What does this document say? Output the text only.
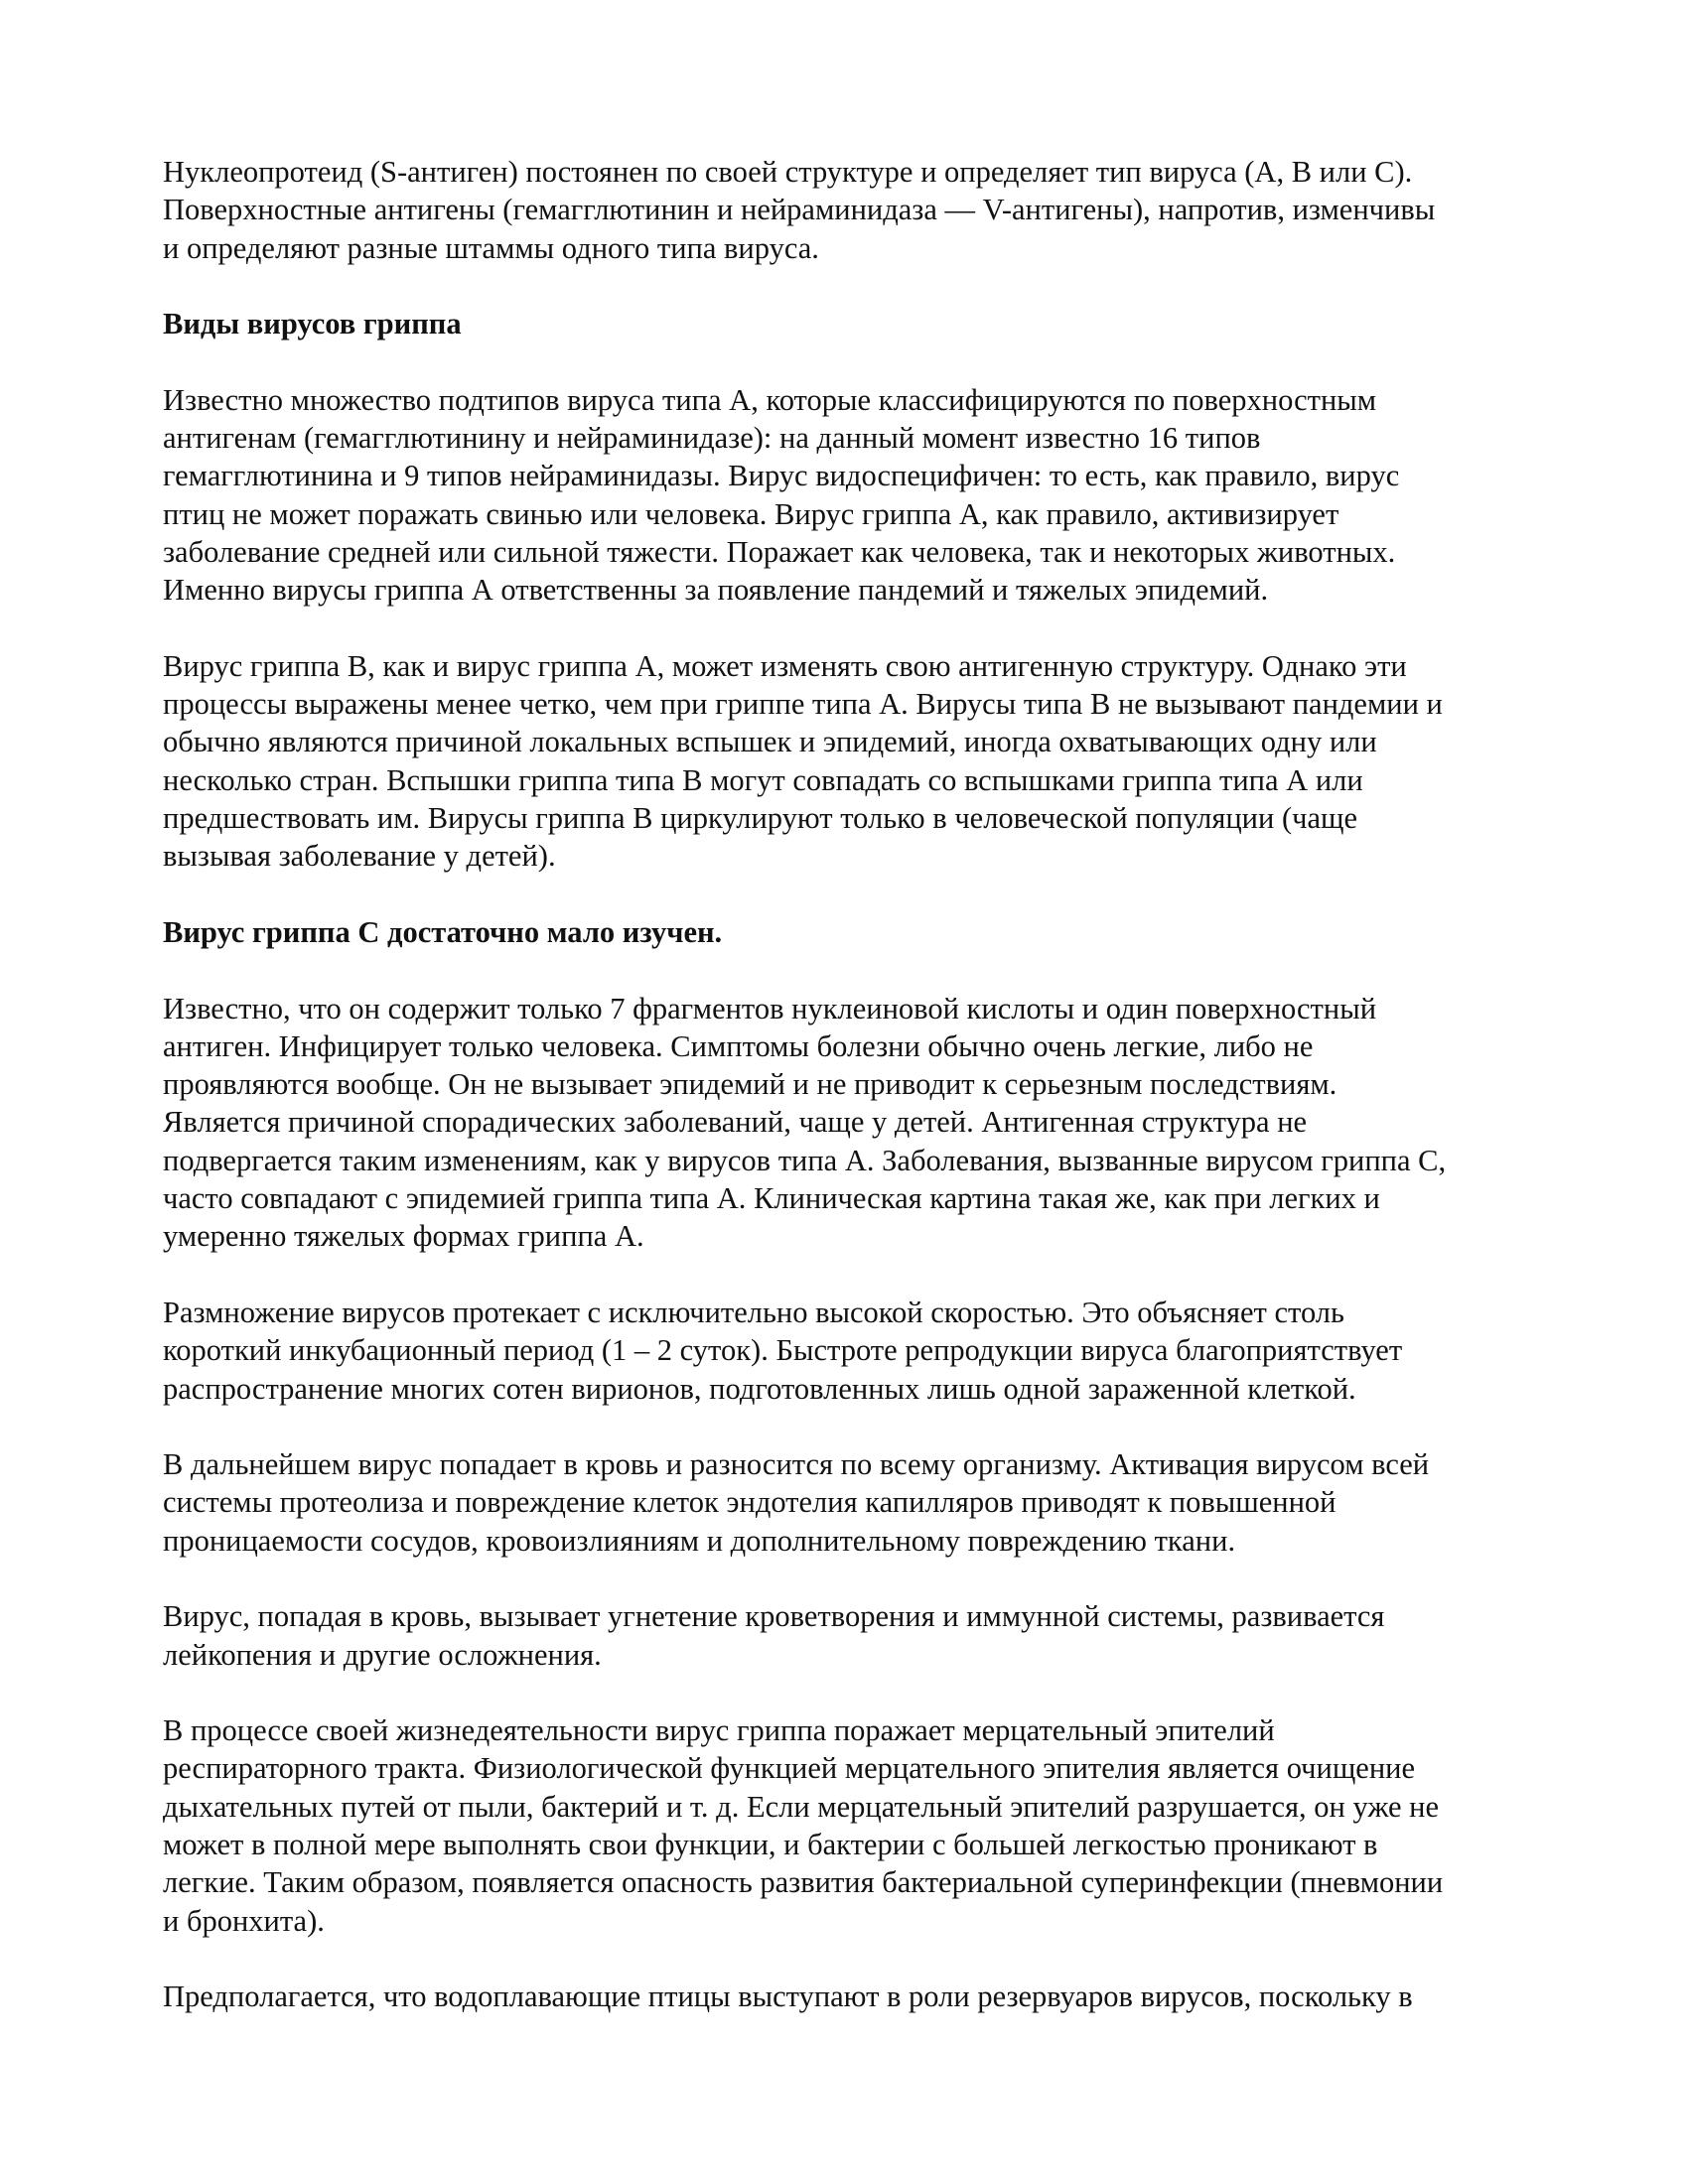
Нуклеопротеид (S-антиген) постоянен по своей структуре и определяет тип вируса (A, B или C).
Поверхностные антигены (гемагглютинин и нейраминидаза — V-антигены), напротив, изменчивы
и определяют разные штаммы одного типа вируса.

Виды вирусов гриппа

Известно множество подтипов вируса типа А, которые классифицируются по поверхностным
антигенам (гемагглютинину и нейраминидазе): на данный момент известно 16 типов
гемагглютинина и 9 типов нейраминидазы. Вирус видоспецифичен: то есть, как правило, вирус
птиц не может поражать свинью или человека. Вирус гриппа А, как правило, активизирует
заболевание средней или сильной тяжести. Поражает как человека, так и некоторых животных.
Именно вирусы гриппа А ответственны за появление пандемий и тяжелых эпидемий.

Вирус гриппа В, как и вирус гриппа А, может изменять свою антигенную структуру. Однако эти
процессы выражены менее четко, чем при гриппе типа А. Вирусы типа В не вызывают пандемии и
обычно являются причиной локальных вспышек и эпидемий, иногда охватывающих одну или
несколько стран. Вспышки гриппа типа В могут совпадать со вспышками гриппа типа А или
предшествовать им. Вирусы гриппа В циркулируют только в человеческой популяции (чаще
вызывая заболевание у детей).

Вирус гриппа С достаточно мало изучен.

Известно, что он содержит только 7 фрагментов нуклеиновой кислоты и один поверхностный
антиген. Инфицирует только человека. Симптомы болезни обычно очень легкие, либо не
проявляются вообще. Он не вызывает эпидемий и не приводит к серьезным последствиям.
Является причиной спорадических заболеваний, чаще у детей. Антигенная структура не
подвергается таким изменениям, как у вирусов типа А. Заболевания, вызванные вирусом гриппа С,
часто совпадают с эпидемией гриппа типа А. Клиническая картина такая же, как при легких и
умеренно тяжелых формах гриппа А.

Размножение вирусов протекает с исключительно высокой скоростью. Это объясняет столь
короткий инкубационный период (1 – 2 суток). Быстроте репродукции вируса благоприятствует
распространение многих сотен вирионов, подготовленных лишь одной зараженной клеткой.

В дальнейшем вирус попадает в кровь и разносится по всему организму. Активация вирусом всей
системы протеолиза и повреждение клеток эндотелия капилляров приводят к повышенной
проницаемости сосудов, кровоизлияниям и дополнительному повреждению ткани.

Вирус, попадая в кровь, вызывает угнетение кроветворения и иммунной системы, развивается
лейкопения и другие осложнения.

В процессе своей жизнедеятельности вирус гриппа поражает мерцательный эпителий
респираторного тракта. Физиологической функцией мерцательного эпителия является очищение
дыхательных путей от пыли, бактерий и т. д. Если мерцательный эпителий разрушается, он уже не
может в полной мере выполнять свои функции, и бактерии с большей легкостью проникают в
легкие. Таким образом, появляется опасность развития бактериальной суперинфекции (пневмонии
и бронхита).

Предполагается, что водоплавающие птицы выступают в роли резервуаров вирусов, поскольку в
